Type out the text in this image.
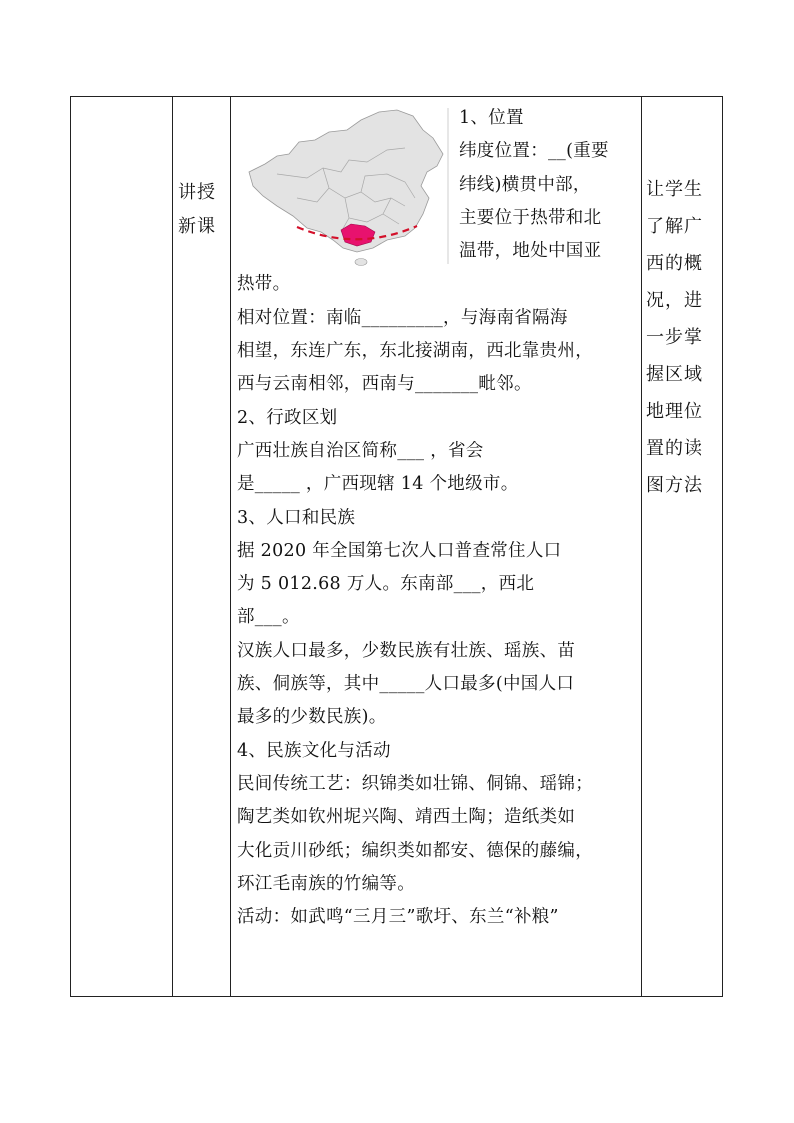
讲授新课
让学生了解广西的概况，进一步掌握区域地理位置的读图方法
1、位置
纬度位置：__(重要
纬线)横贯中部，
主要位于热带和北
温带，地处中国亚
热带。
相对位置：南临_________，与海南省隔海
相望，东连广东，东北接湖南，西北靠贵州，
西与云南相邻，西南与_______毗邻。
2、行政区划
广西壮族自治区简称___ ，省会
是_____ ，广西现辖 14 个地级市。
3、人口和民族
据 2020 年全国第七次人口普查常住人口
为 5 012.68 万人。东南部___，西北
部___。
汉族人口最多，少数民族有壮族、瑶族、苗
族、侗族等，其中_____人口最多(中国人口
最多的少数民族)。
4、民族文化与活动
民间传统工艺：织锦类如壮锦、侗锦、瑶锦；
陶艺类如钦州坭兴陶、靖西土陶；造纸类如
大化贡川砂纸；编织类如都安、德保的藤编，
环江毛南族的竹编等。
活动：如武鸣“三月三”歌圩、东兰“补粮”
